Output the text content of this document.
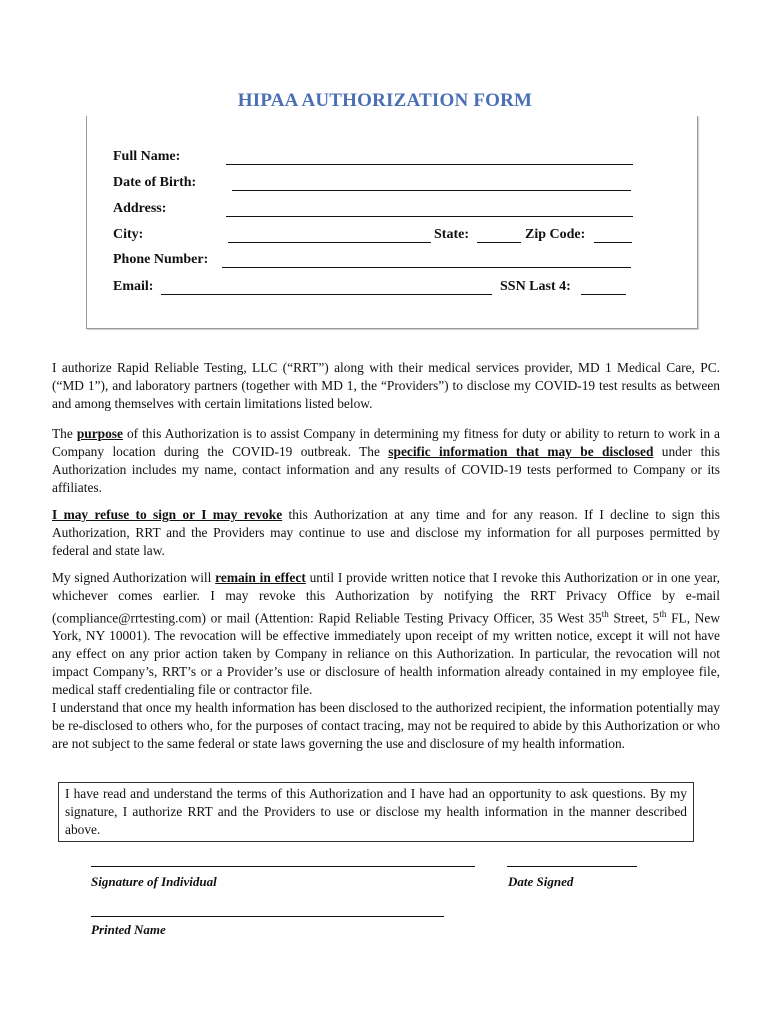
HIPAA AUTHORIZATION FORM
Full Name:
Date of Birth:
Address:
City:	State:	Zip Code:
Phone Number:
Email:	SSN Last 4:
I authorize Rapid Reliable Testing, LLC (“RRT”) along with their medical services provider, MD 1 Medical Care, PC. (“MD 1”), and laboratory partners (together with MD 1, the “Providers”) to disclose my COVID-19 test results as between and among themselves with certain limitations listed below.
The purpose of this Authorization is to assist Company in determining my fitness for duty or ability to return to work in a Company location during the COVID-19 outbreak. The specific information that may be disclosed under this Authorization includes my name, contact information and any results of COVID-19 tests performed to Company or its affiliates.
I may refuse to sign or I may revoke this Authorization at any time and for any reason. If I decline to sign this Authorization, RRT and the Providers may continue to use and disclose my information for all purposes permitted by federal and state law.
My signed Authorization will remain in effect until I provide written notice that I revoke this Authorization or in one year, whichever comes earlier. I may revoke this Authorization by notifying the RRT Privacy Office by e-mail (compliance@rrtesting.com) or mail (Attention: Rapid Reliable Testing Privacy Officer, 35 West 35th Street, 5th FL, New York, NY 10001). The revocation will be effective immediately upon receipt of my written notice, except it will not have any effect on any prior action taken by Company in reliance on this Authorization. In particular, the revocation will not impact Company’s, RRT’s or a Provider’s use or disclosure of health information already contained in my employee file, medical staff credentialing file or contractor file.
I understand that once my health information has been disclosed to the authorized recipient, the information potentially may be re-disclosed to others who, for the purposes of contact tracing, may not be required to abide by this Authorization or who are not subject to the same federal or state laws governing the use and disclosure of my health information.
I have read and understand the terms of this Authorization and I have had an opportunity to ask questions. By my signature, I authorize RRT and the Providers to use or disclose my health information in the manner described above.
Signature of Individual	Date Signed
Printed Name
